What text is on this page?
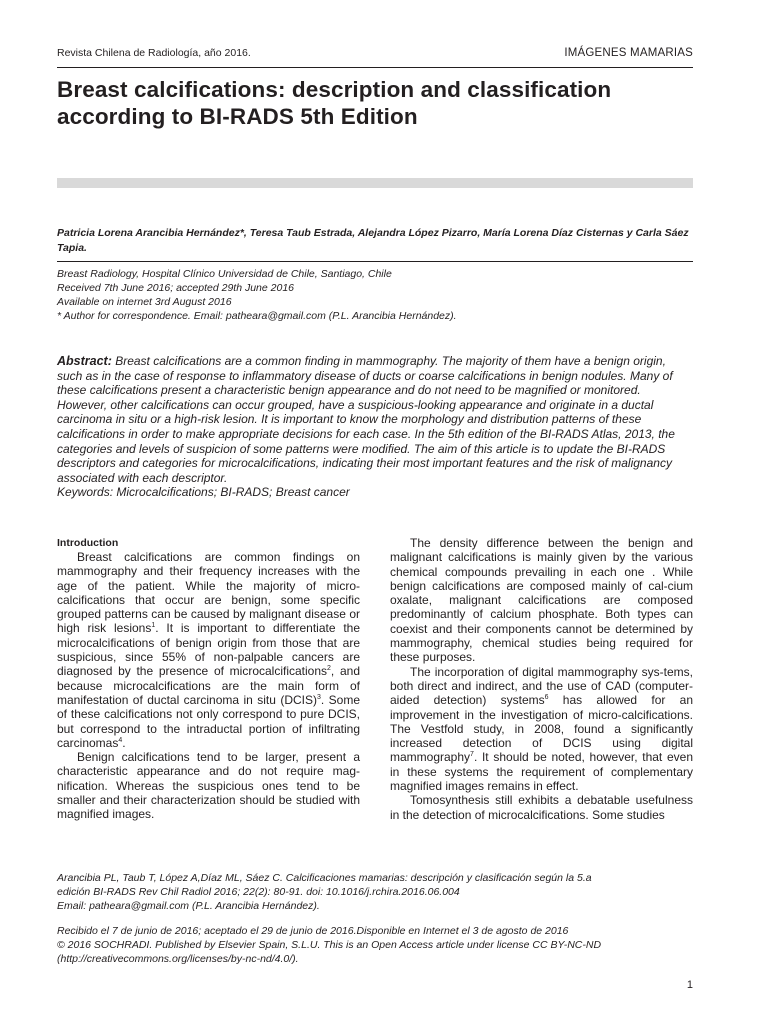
Revista Chilena de Radiología, año 2016.	IMÁGENES MAMARIAS
Breast calcifications: description and classification according to BI-RADS 5th Edition
Patricia Lorena Arancibia Hernández*, Teresa Taub Estrada, Alejandra López Pizarro, María Lorena Díaz Cisternas y Carla Sáez Tapia.
Breast Radiology, Hospital Clínico Universidad de Chile, Santiago, Chile
Received 7th June 2016; accepted 29th June 2016
Available on internet 3rd August 2016
* Author for correspondence. Email: patheara@gmail.com (P.L. Arancibia Hernández).
Abstract: Breast calcifications are a common finding in mammography. The majority of them have a benign origin, such as in the case of response to inflammatory disease of ducts or coarse calcifications in benign nodules. Many of these calcifications present a characteristic benign appearance and do not need to be magnified or monitored. However, other calcifications can occur grouped, have a suspicious-looking appearance and originate in a ductal carcinoma in situ or a high-risk lesion. It is important to know the morphology and distribution patterns of these calcifications in order to make appropriate decisions for each case. In the 5th edition of the BI-RADS Atlas, 2013, the categories and levels of suspicion of some patterns were modified. The aim of this article is to update the BI-RADS descriptors and categories for microcalcifications, indicating their most important features and the risk of malignancy associated with each descriptor.
Keywords: Microcalcifications; BI-RADS; Breast cancer

Introduction

Breast calcifications are common findings on mammography and their frequency increases with the age of the patient. While the majority of micro-calcifications that occur are benign, some specific grouped patterns can be caused by malignant disease or high risk lesions$^1$. It is important to differentiate the microcalcifications of benign origin from those that are suspicious, since 55% of non-palpable cancers are diagnosed by the presence of microcalcifications$^2$, and because microcalcifications are the main form of manifestation of ductal carcinoma in situ (DCIS)$^3$. Some of these calcifications not only correspond to pure DCIS, but correspond to the intraductal portion of infiltrating carcinomas$^4$.

Benign calcifications tend to be larger, present a characteristic appearance and do not require mag-nification. Whereas the suspicious ones tend to be smaller and their characterization should be studied with magnified images.

The density difference between the benign and malignant calcifications is mainly given by the various chemical compounds prevailing in each one . While benign calcifications are composed mainly of cal-cium oxalate, malignant calcifications are composed predominantly of calcium phosphate. Both types can coexist and their components cannot be determined by mammography, chemical studies being required for these purposes.

The incorporation of digital mammography sys-tems, both direct and indirect, and the use of CAD (computer-aided detection) systems$^6$ has allowed for an improvement in the investigation of micro-calcifications. The Vestfold study, in 2008, found a significantly increased detection of DCIS using digital mammography$^7$. It should be noted, however, that even in these systems the requirement of complementary magnified images remains in effect.

Tomosynthesis still exhibits a debatable usefulness in the detection of microcalcifications. Some studies

Arancibia PL, Taub T, López A,Díaz ML, Sáez C. Calcificaciones mamarias: descripción y clasificación según la 5.a
edición BI-RADS Rev Chil Radiol 2016; 22(2): 80-91. doi: 10.1016/j.rchira.2016.06.004
Email: patheara@gmail.com (P.L. Arancibia Hernández).
Recibido el 7 de junio de 2016; aceptado el 29 de junio de 2016.Disponible en Internet el 3 de agosto de 2016
© 2016 SOCHRADI. Published by Elsevier Spain, S.L.U. This is an Open Access article under license CC BY-NC-ND
(http://creativecommons.org/licenses/by-nc-nd/4.0/).
1
